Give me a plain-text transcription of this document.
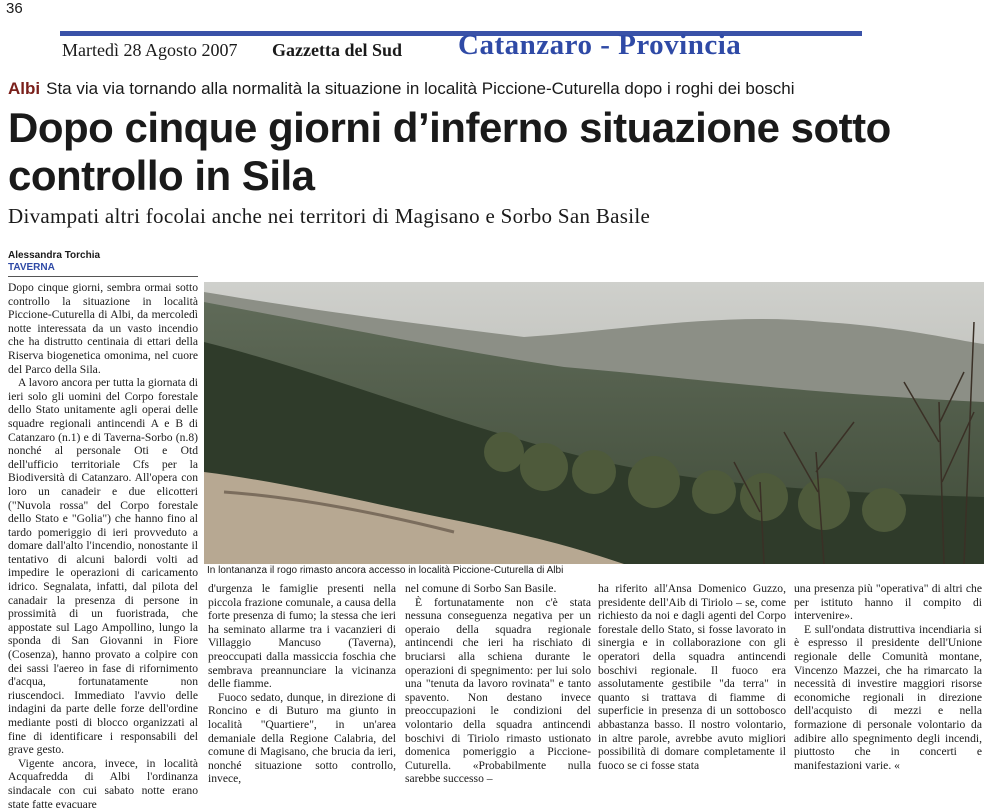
36
Martedì 28 Agosto 2007 Gazzetta del Sud Catanzaro - Provincia
Albi Sta via via tornando alla normalità la situazione in località Piccione-Cuturella dopo i roghi dei boschi
Dopo cinque giorni d’inferno situazione sotto controllo in Sila
Divampati altri focolai anche nei territori di Magisano e Sorbo San Basile
Alessandra Torchia
TAVERNA
In lontananza il rogo rimasto ancora accesso in località Piccione-Cuturella di Albi

Dopo cinque giorni, sembra ormai sotto controllo la situazione in località Piccione-Cuturella di Albi, da mercoledì notte interessata da un vasto incendio che ha distrutto centinaia di ettari della Riserva biogenetica omonima, nel cuore del Parco della Sila.

A lavoro ancora per tutta la giornata di ieri solo gli uomini del Corpo forestale dello Stato unitamente agli operai delle squadre regionali antincendi A e B di Catanzaro (n.1) e di Taverna-Sorbo (n.8) nonché al personale Oti e Otd dell'ufficio territoriale Cfs per la Biodiversità di Catanzaro. All'opera con loro un canadeir e due elicotteri ("Nuvola rossa" del Corpo forestale dello Stato e "Golia") che hanno fino al tardo pomeriggio di ieri provveduto a domare dall'alto l'incendio, nonostante il tentativo di alcuni balordi volti ad impedire le operazioni di caricamento idrico. Segnalata, infatti, dal pilota del canadair la presenza di persone in prossimità di un fuoristrada, che appostate sul Lago Ampollino, lungo la sponda di San Giovanni in Fiore (Cosenza), hanno provato a colpire con dei sassi l'aereo in fase di rifornimento d'acqua, fortunatamente non riuscendoci. Immediato l'avvio delle indagini da parte delle forze dell'ordine mediante posti di blocco organizzati al fine di identificare i responsabili del grave gesto.

Vigente ancora, invece, in località Acquafredda di Albi l'ordinanza sindacale con cui sabato notte erano state fatte evacuare

d'urgenza le famiglie presenti nella piccola frazione comunale, a causa della forte presenza di fumo; la stessa che ieri ha seminato allarme tra i vacanzieri di Villaggio Mancuso (Taverna), preoccupati dalla massiccia foschia che sembrava preannunciare la vicinanza delle fiamme.

Fuoco sedato, dunque, in direzione di Roncino e di Buturo ma giunto in località "Quartiere", in un'area demaniale della Regione Calabria, del comune di Magisano, che brucia da ieri, nonché situazione sotto controllo, invece,

nel comune di Sorbo San Basile.

È fortunatamente non c'è stata nessuna conseguenza negativa per un operaio della squadra regionale antincendi che ieri ha rischiato di bruciarsi alla schiena durante le operazioni di spegnimento: per lui solo una "tenuta da lavoro rovinata" e tanto spavento. Non destano invece preoccupazioni le condizioni del volontario della squadra antincendi boschivi di Tiriolo rimasto ustionato domenica pomeriggio a Piccione-Cuturella. «Probabilmente nulla sarebbe successo –

ha riferito all'Ansa Domenico Guzzo, presidente dell'Aib di Tiriolo – se, come richiesto da noi e dagli agenti del Corpo forestale dello Stato, si fosse lavorato in sinergia e in collaborazione con gli operatori della squadra antincendi boschivi regionale. Il fuoco era assolutamente gestibile "da terra" in quanto si trattava di fiamme di superficie in presenza di un sottobosco abbastanza basso. Il nostro volontario, in altre parole, avrebbe avuto migliori possibilità di domare completamente il fuoco se ci fosse stata

una presenza più "operativa" di altri che per istituto hanno il compito di intervenire».

E sull'ondata distruttiva incendiaria si è espresso il presidente dell'Unione regionale delle Comunità montane, Vincenzo Mazzei, che ha rimarcato la necessità di investire maggiori risorse economiche regionali in direzione dell'acquisto di mezzi e nella formazione di personale volontario da adibire allo spegnimento degli incendi, piuttosto che in concerti e manifestazioni varie. «
